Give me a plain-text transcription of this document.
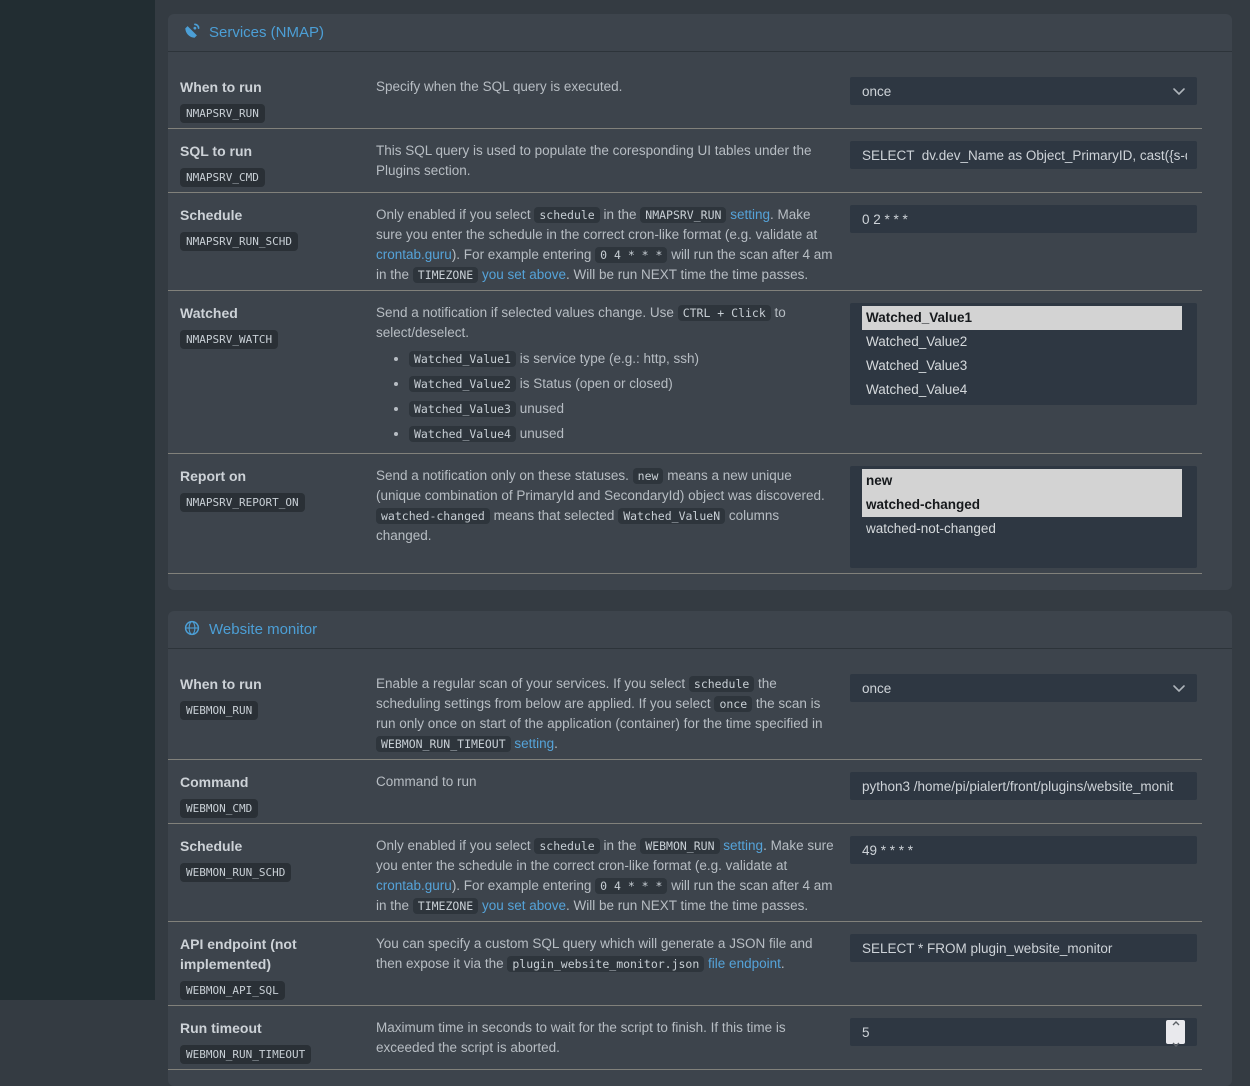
Services (NMAP)
When to run
NMAPSRV_RUN

Specify when the SQL query is executed.	once
SQL to run
NMAPSRV_CMD

This SQL query is used to populate the coresponding UI tables under the Plugins section.

SELECT dv.dev_Name as Object_PrimaryID, cast({s-quo
Schedule
NMAPSRV_RUN_SCHD

Only enabled if you select schedule in the NMAPSRV_RUN setting. Make sure you enter the schedule in the correct cron-like format (e.g. validate at crontab.guru). For example entering 0 4 * * * will run the scan after 4 am in the TIMEZONE you set above. Will be run NEXT time the time passes.

0 2 * * *
Watched
NMAPSRV_WATCH

Send a notification if selected values change. Use CTRL + Click to select/deselect.

• Watched_Value1 is service type (e.g.: http, ssh)
• Watched_Value2 is Status (open or closed)
• Watched_Value3 unused
• Watched_Value4 unused
Watched_Value1
Watched_Value2
Watched_Value3
Watched_Value4
Report on
NMAPSRV_REPORT_ON

Send a notification only on these statuses. new means a new unique (unique combination of PrimaryId and SecondaryId) object was discovered. watched-changed means that selected Watched_ValueN columns changed.

new
watched-changed
watched-not-changed
Website monitor
When to run
WEBMON_RUN

Enable a regular scan of your services. If you select schedule the scheduling settings from below are applied. If you select once the scan is run only once on start of the application (container) for the time specified in WEBMON_RUN_TIMEOUT setting.

once
Command
WEBMON_CMD

Command to run

python3 /home/pi/pialert/front/plugins/website_monit
Schedule
WEBMON_RUN_SCHD

Only enabled if you select schedule in the WEBMON_RUN setting. Make sure you enter the schedule in the correct cron-like format (e.g. validate at crontab.guru). For example entering 0 4 * * * will run the scan after 4 am in the TIMEZONE you set above. Will be run NEXT time the time passes.

49 * * * *
API endpoint (not implemented)
WEBMON_API_SQL

You can specify a custom SQL query which will generate a JSON file and then expose it via the plugin_website_monitor.json file endpoint.

SELECT * FROM plugin_website_monitor
Run timeout
WEBMON_RUN_TIMEOUT

Maximum time in seconds to wait for the script to finish. If this time is exceeded the script is aborted.

5
